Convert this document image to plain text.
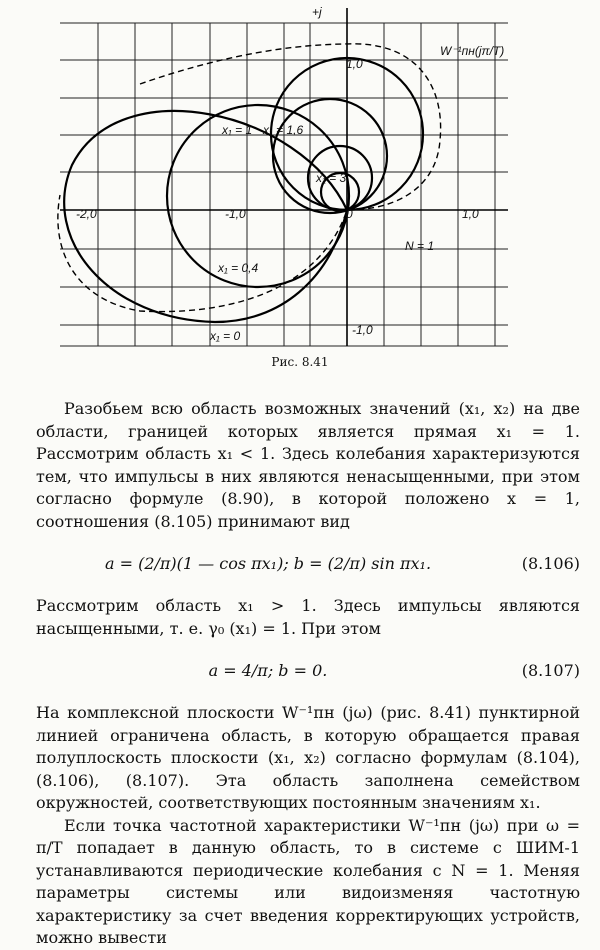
+j
W⁻¹пн(jπ/T)
-2,0	-1,0	0	1,0
1,0
-1,0
x₁ = 1 x₁ = 1,6
x₁ = 3
x₁ = 0,4
x₁ = 0
N = 1
Рис. 8.41

Разобьем всю область возможных значений (x₁, x₂) на две области, границей которых является прямая x₁ = 1. Рассмотрим область x₁ < 1. Здесь колебания характеризуются тем, что импульсы в них являются ненасыщенными, при этом согласно формуле (8.90), в которой положено x = 1, соотношения (8.105) принимают вид

a = (2/π)(1 — cos πx₁); b = (2/π) sin πx₁.	(8.106)

Рассмотрим область x₁ > 1. Здесь импульсы являются насыщенными, т. е. γ₀ (x₁) = 1. При этом

a = 4/π; b = 0.	(8.107)

На комплексной плоскости W⁻¹пн (jω) (рис. 8.41) пунктирной линией ограничена область, в которую обращается правая полуплоскость плоскости (x₁, x₂) согласно формулам (8.104), (8.106), (8.107). Эта область заполнена семейством окружностей, соответствующих постоянным значениям x₁.

Если точка частотной характеристики W⁻¹пн (jω) при ω = π/T попадает в данную область, то в системе с ШИМ-1 устанавливаются периодические колебания с N = 1. Меняя параметры системы или видоизменяя частотную характеристику за счет введения корректирующих устройств, можно вывести
